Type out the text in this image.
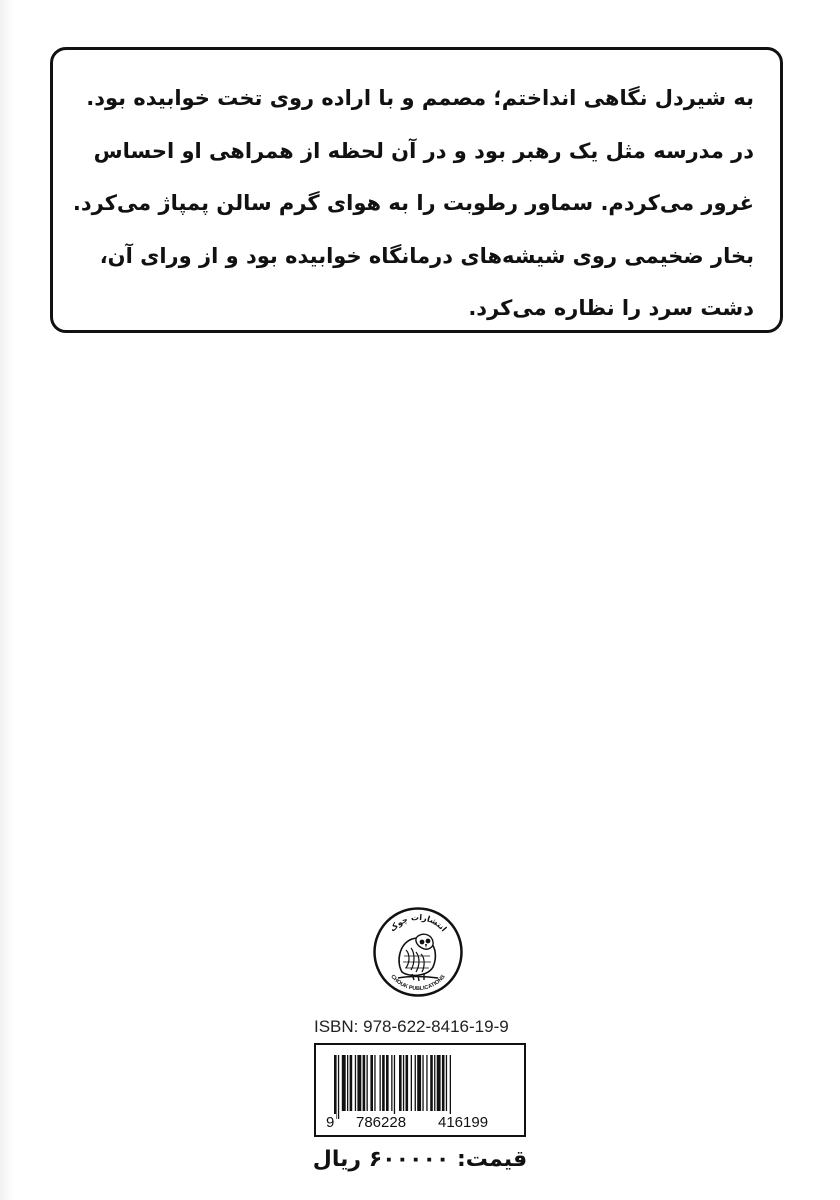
به شیردل نگاهی انداختم؛ مصمم و با اراده روی تخت خوابیده بود.
در مدرسه مثل یک رهبر بود و در آن لحظه از همراهی او احساس
غرور می‌کردم. سماور رطوبت را به هوای گرم سالن پمپاژ می‌کرد.
بخار ضخیمی روی شیشه‌های درمانگاه خوابیده بود و از ورای آن،
دشت سرد را نظاره می‌کرد.
انتشارات چوک
CHOUK PUBLICATIONS
ISBN: 978-622-8416-19-9
9 786228 416199
قیمت: ۶۰۰۰۰۰ ریال
